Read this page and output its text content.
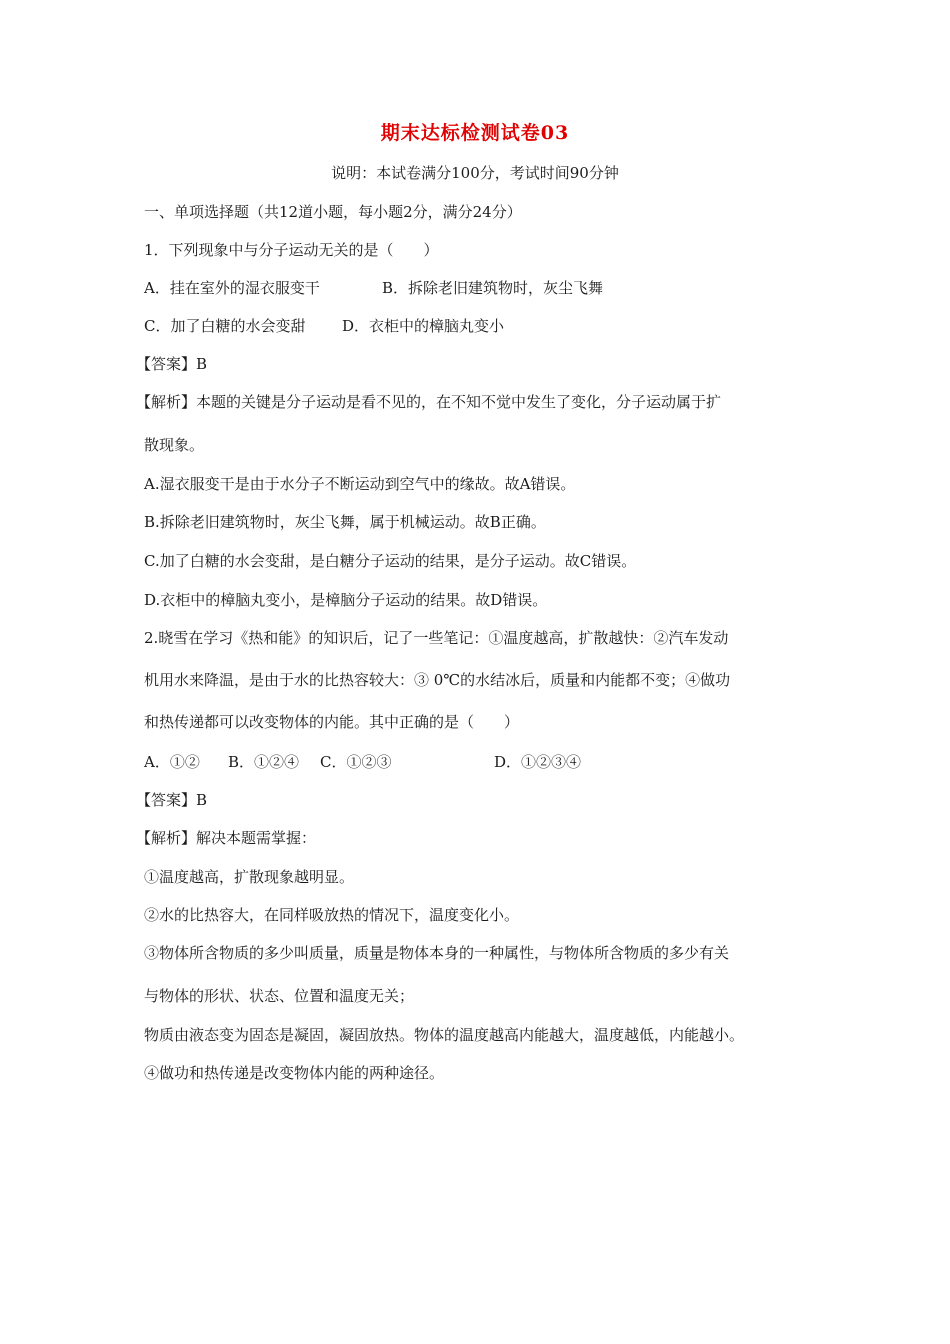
期末达标检测试卷03
说明：本试卷满分100分，考试时间90分钟
一、单项选择题（共12道小题，每小题2分，满分24分）
1．下列现象中与分子运动无关的是（　　）
A．挂在室外的湿衣服变干	B．拆除老旧建筑物时，灰尘飞舞
C．加了白糖的水会变甜 D．衣柜中的樟脑丸变小
【答案】B
【解析】本题的关键是分子运动是看不见的，在不知不觉中发生了变化，分子运动属于扩
散现象。
A.湿衣服变干是由于水分子不断运动到空气中的缘故。故A错误。
B.拆除老旧建筑物时，灰尘飞舞，属于机械运动。故B正确。
C.加了白糖的水会变甜，是白糖分子运动的结果，是分子运动。故C错误。
D.衣柜中的樟脑丸变小，是樟脑分子运动的结果。故D错误。
2.晓雪在学习《热和能》的知识后，记了一些笔记：①温度越高，扩散越快：②汽车发动
机用水来降温，是由于水的比热容较大：③ 0℃的水结冰后，质量和内能都不变；④做功
和热传递都可以改变物体的内能。其中正确的是（　　）
A．①② B．①②④ C．①②③	D．①②③④
【答案】B
【解析】解决本题需掌握：
①温度越高，扩散现象越明显。
②水的比热容大，在同样吸放热的情况下，温度变化小。
③物体所含物质的多少叫质量，质量是物体本身的一种属性，与物体所含物质的多少有关
与物体的形状、状态、位置和温度无关；
物质由液态变为固态是凝固，凝固放热。物体的温度越高内能越大，温度越低，内能越小。
④做功和热传递是改变物体内能的两种途径。
